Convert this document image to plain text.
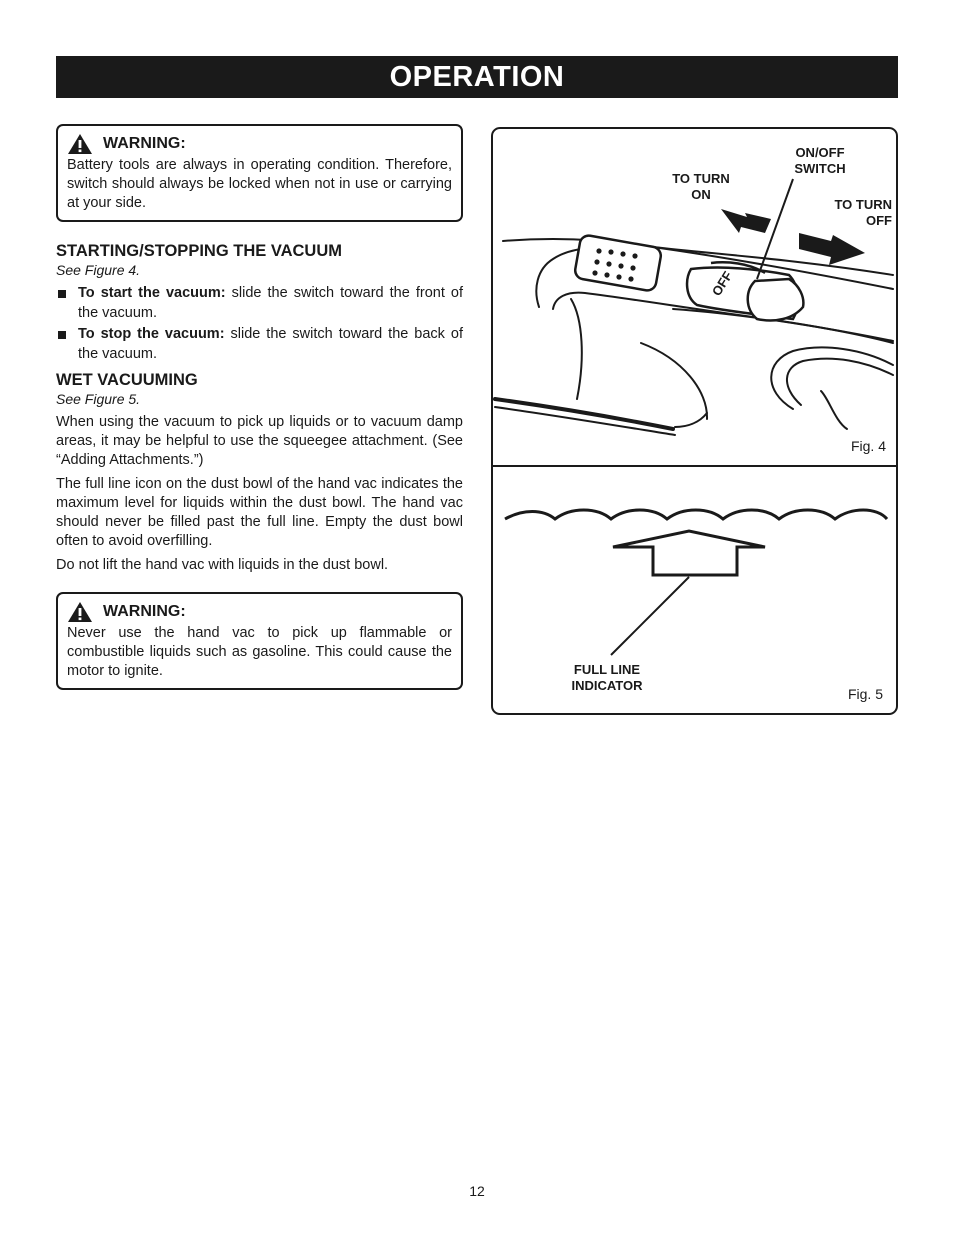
OPERATION
WARNING:
Battery tools are always in operating condition. Therefore, switch should always be locked when not in use or carrying at your side.
STARTING/STOPPING THE VACUUM
See Figure 4.
To start the vacuum: slide the switch toward the front of the vacuum.
To stop the vacuum: slide the switch toward the back of the vacuum.
WET VACUUMING
See Figure 5.

When using the vacuum to pick up liquids or to vacuum damp areas, it may be helpful to use the squeegee attachment. (See “Adding Attachments.”)

The full line icon on the dust bowl of the hand vac indicates the maximum level for liquids within the dust bowl. The hand vac should never be filled past the full line. Empty the dust bowl often to avoid overfilling.

Do not lift the hand vac with liquids in the dust bowl.

WARNING:
Never use the hand vac to pick up flammable or combustible liquids such as gasoline. This could cause the motor to ignite.
OFF
ON/OFF
SWITCH
TO TURN
ON
TO TURN
OFF
Fig. 4
FULL LINE
INDICATOR
Fig. 5
12
